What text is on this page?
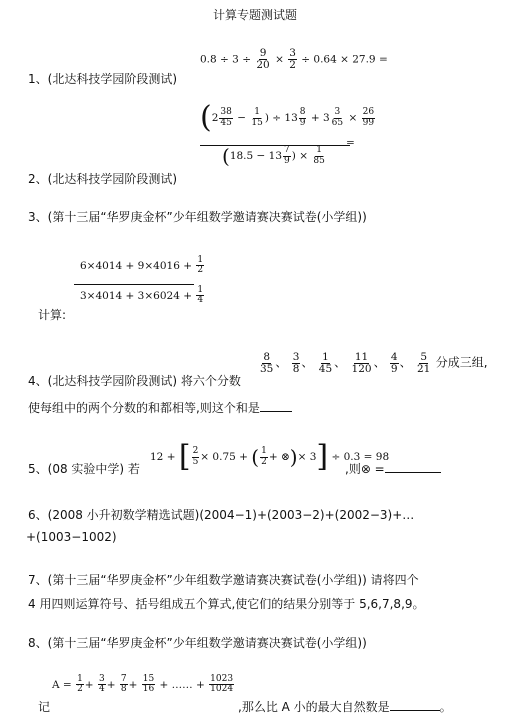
计算专题测试题
1、(北达科技学园阶段测试)
$0.8 \div 3 \div \frac{9}{20} \times \frac{3}{2} \div 0.64 \times 27.9$ =
($2 \frac{38}{45} - \frac{1}{15}$ ) ÷ $13 \frac{8}{9} + 3 \frac{3}{65} \times \frac{26}{99}$
=
($18.5 - 13 \frac{7}{9}$ ) × $\frac{1}{85}$
2、(北达科技学园阶段测试)
3、(第十三届“华罗庚金杯”少年组数学邀请赛决赛试卷(小学组))
$6\times 4014 + 9\times 4016 + \frac{1}{2}$
$3\times 4014 + 3\times 6024 + \frac{1}{4}$
计算:
4、(北达科技学园阶段测试) 将六个分数
$\frac{8}{35}$ 、 $\frac{3}{8}$ 、 $\frac{1}{45}$ 、 $\frac{11}{120}$ 、 $\frac{4}{9}$ 、 $\frac{5}{21}$ 分成三组,
使每组中的两个分数的和都相等,则这个和是
5、(08 实验中学) 若
12 + [ $\frac{2}{5} \times 0.75$ + ( $\frac{1}{2}$ + ⊗)× 3] ÷ 0.3 = 98
,则⊗ =
6、(2008 小升初数学精选试题)(2004−1)+(2003−2)+(2002−3)+…
+(1003−1002)
7、(第十三届“华罗庚金杯”少年组数学邀请赛决赛试卷(小学组)) 请将四个
4 用四则运算符号、括号组成五个算式,使它们的结果分别等于 5,6,7,8,9。
8、(第十三届“华罗庚金杯”少年组数学邀请赛决赛试卷(小学组))
记
$A = \frac{1}{2} + \frac{3}{4} + \frac{7}{8} + \frac{15}{16}$ + …… + $\frac{1023}{1024}$
,那么比 A 小的最大自然数是	。
